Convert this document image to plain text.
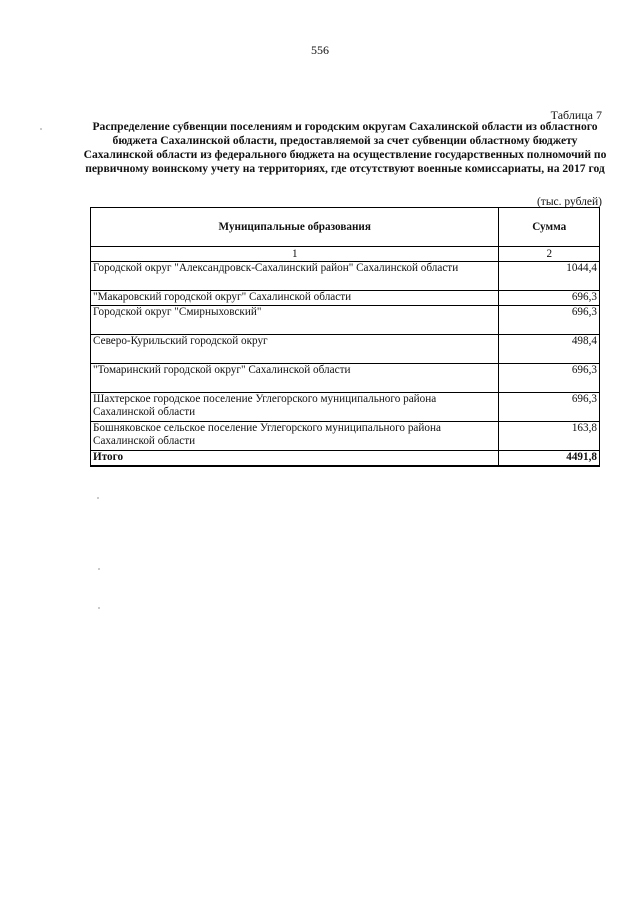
556
Таблица 7

Распределение субвенции поселениям и городским округам Сахалинской области из областного бюджета Сахалинской области, предоставляемой за счет субвенции областному бюджету Сахалинской области из федерального бюджета на осуществление государственных полномочий по первичному воинскому учету на территориях, где отсутствуют военные комиссариаты, на 2017 год

(тыс. рублей)
Муниципальные образования	Сумма
1	2
Городской округ "Александровск-Сахалинский район" Сахалинской области	1044,4
"Макаровский городской округ" Сахалинской области	696,3
Городской округ "Смирныховский"	696,3
Северо-Курильский городской округ	498,4
"Томаринский городской округ" Сахалинской области	696,3
Шахтерское городское поселение Углегорского муниципального района Сахалинской области	696,3
Бошняковское сельское поселение Углегорского муниципального района Сахалинской области	163,8
Итого	4491,8
